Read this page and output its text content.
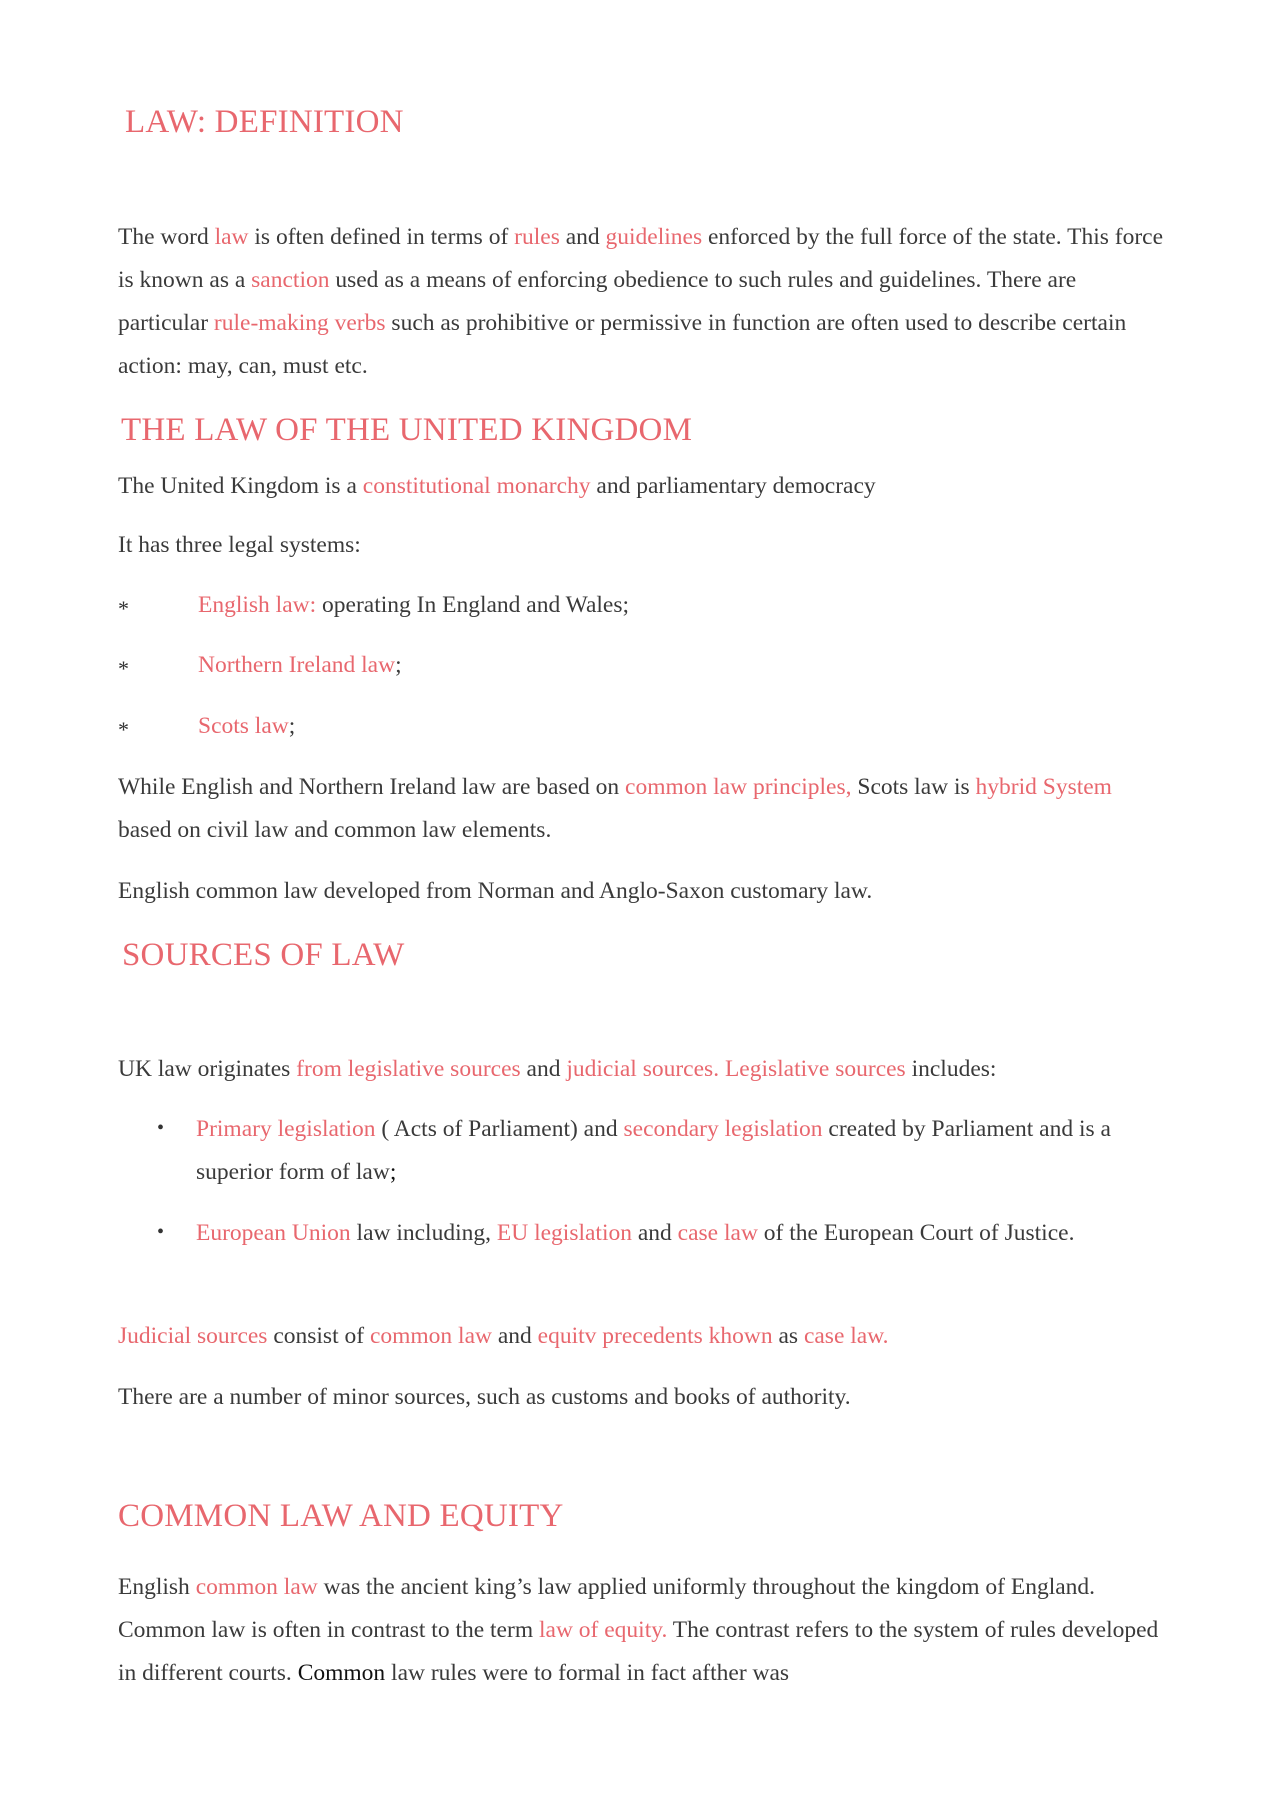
LAW: DEFINITION

The word law is often defined in terms of rules and guidelines enforced by the full force of the state. This force is known as a sanction used as a means of enforcing obedience to such rules and guidelines. There are particular rule-making verbs such as prohibitive or permissive in function are often used to describe certain action: may, can, must etc.

THE LAW OF THE UNITED KINGDOM

The United Kingdom is a constitutional monarchy and parliamentary democracy

It has three legal systems:

*	English law: operating In England and Wales;
*	Northern Ireland law;
*	Scots law;

While English and Northern Ireland law are based on common law principles, Scots law is hybrid System based on civil law and common law elements.

English common law developed from Norman and Anglo-Saxon customary law.

SOURCES OF LAW

UK law originates from legislative sources and judicial sources. Legislative sources includes:

• Primary legislation ( Acts of Parliament) and secondary legislation created by Parliament and is a superior form of law;

• European Union law including, EU legislation and case law of the European Court of Justice.

Judicial sources consist of common law and equitv precedents khown as case law.

There are a number of minor sources, such as customs and books of authority.

COMMON LAW AND EQUITY

English common law was the ancient king’s law applied uniformly throughout the kingdom of England. Common law is often in contrast to the term law of equity. The contrast refers to the system of rules developed in different courts. Common law rules were to formal in fact afther was
